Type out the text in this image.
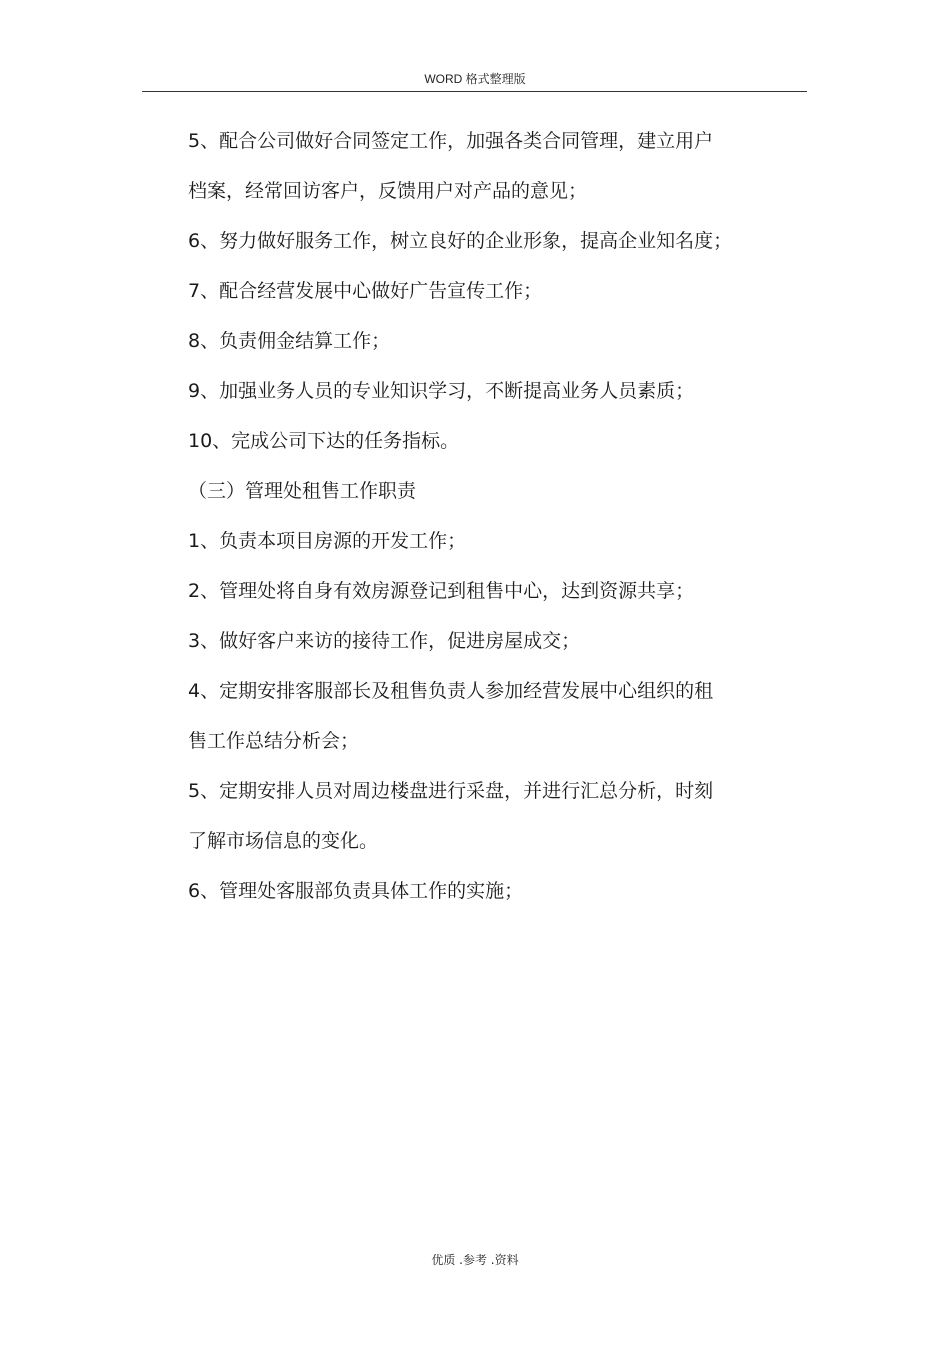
WORD 格式整理版
5、配合公司做好合同签定工作，加强各类合同管理，建立用户
档案，经常回访客户，反馈用户对产品的意见；
6、努力做好服务工作，树立良好的企业形象，提高企业知名度；
7、配合经营发展中心做好广告宣传工作；
8、负责佣金结算工作；
9、加强业务人员的专业知识学习，不断提高业务人员素质；
10、完成公司下达的任务指标。
（三）管理处租售工作职责
1、负责本项目房源的开发工作；
2、管理处将自身有效房源登记到租售中心，达到资源共享；
3、做好客户来访的接待工作，促进房屋成交；
4、定期安排客服部长及租售负责人参加经营发展中心组织的租
售工作总结分析会；
5、定期安排人员对周边楼盘进行采盘，并进行汇总分析，时刻
了解市场信息的变化。
6、管理处客服部负责具体工作的实施；
优质 .参考 .资料
